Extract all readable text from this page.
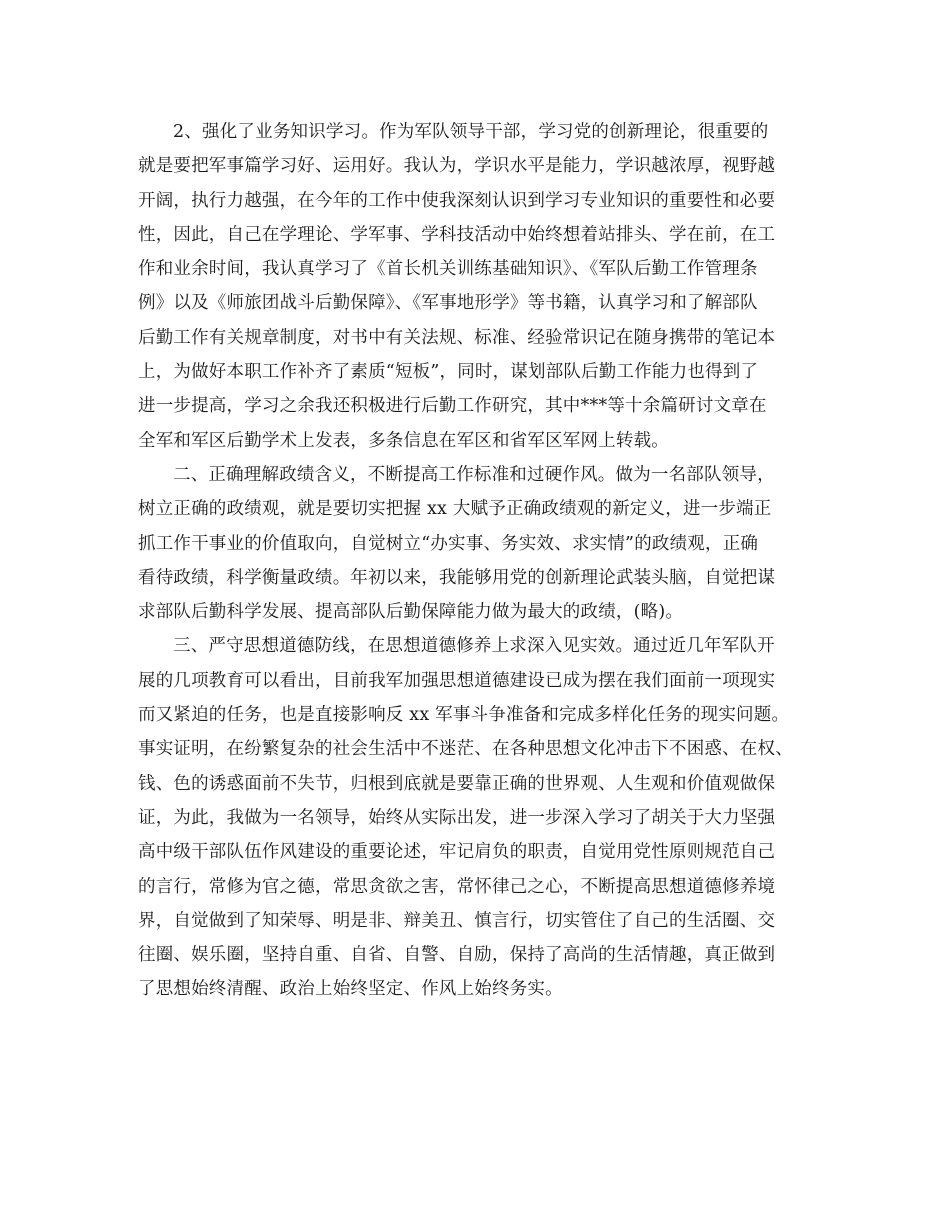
2、强化了业务知识学习。作为军队领导干部，学习党的创新理论，很重要的
就是要把军事篇学习好、运用好。我认为，学识水平是能力，学识越浓厚，视野越
开阔，执行力越强，在今年的工作中使我深刻认识到学习专业知识的重要性和必要
性，因此，自己在学理论、学军事、学科技活动中始终想着站排头、学在前，在工
作和业余时间，我认真学习了《首长机关训练基础知识》、《军队后勤工作管理条
例》以及《师旅团战斗后勤保障》、《军事地形学》等书籍，认真学习和了解部队
后勤工作有关规章制度，对书中有关法规、标准、经验常识记在随身携带的笔记本
上，为做好本职工作补齐了素质“短板”，同时，谋划部队后勤工作能力也得到了
进一步提高，学习之余我还积极进行后勤工作研究，其中***等十余篇研讨文章在
全军和军区后勤学术上发表，多条信息在军区和省军区军网上转载。

二、正确理解政绩含义，不断提高工作标准和过硬作风。做为一名部队领导，
树立正确的政绩观，就是要切实把握 xx 大赋予正确政绩观的新定义，进一步端正
抓工作干事业的价值取向，自觉树立“办实事、务实效、求实情”的政绩观，正确
看待政绩，科学衡量政绩。年初以来，我能够用党的创新理论武装头脑，自觉把谋
求部队后勤科学发展、提高部队后勤保障能力做为最大的政绩，(略)。

三、严守思想道德防线，在思想道德修养上求深入见实效。通过近几年军队开
展的几项教育可以看出，目前我军加强思想道德建设已成为摆在我们面前一项现实
而又紧迫的任务，也是直接影响反 xx 军事斗争准备和完成多样化任务的现实问题。
事实证明，在纷繁复杂的社会生活中不迷茫、在各种思想文化冲击下不困惑、在权、
钱、色的诱惑面前不失节，归根到底就是要靠正确的世界观、人生观和价值观做保
证，为此，我做为一名领导，始终从实际出发，进一步深入学习了胡关于大力坚强
高中级干部队伍作风建设的重要论述，牢记肩负的职责，自觉用党性原则规范自己
的言行，常修为官之德，常思贪欲之害，常怀律己之心，不断提高思想道德修养境
界，自觉做到了知荣辱、明是非、辩美丑、慎言行，切实管住了自己的生活圈、交
往圈、娱乐圈，坚持自重、自省、自警、自励，保持了高尚的生活情趣，真正做到
了思想始终清醒、政治上始终坚定、作风上始终务实。
